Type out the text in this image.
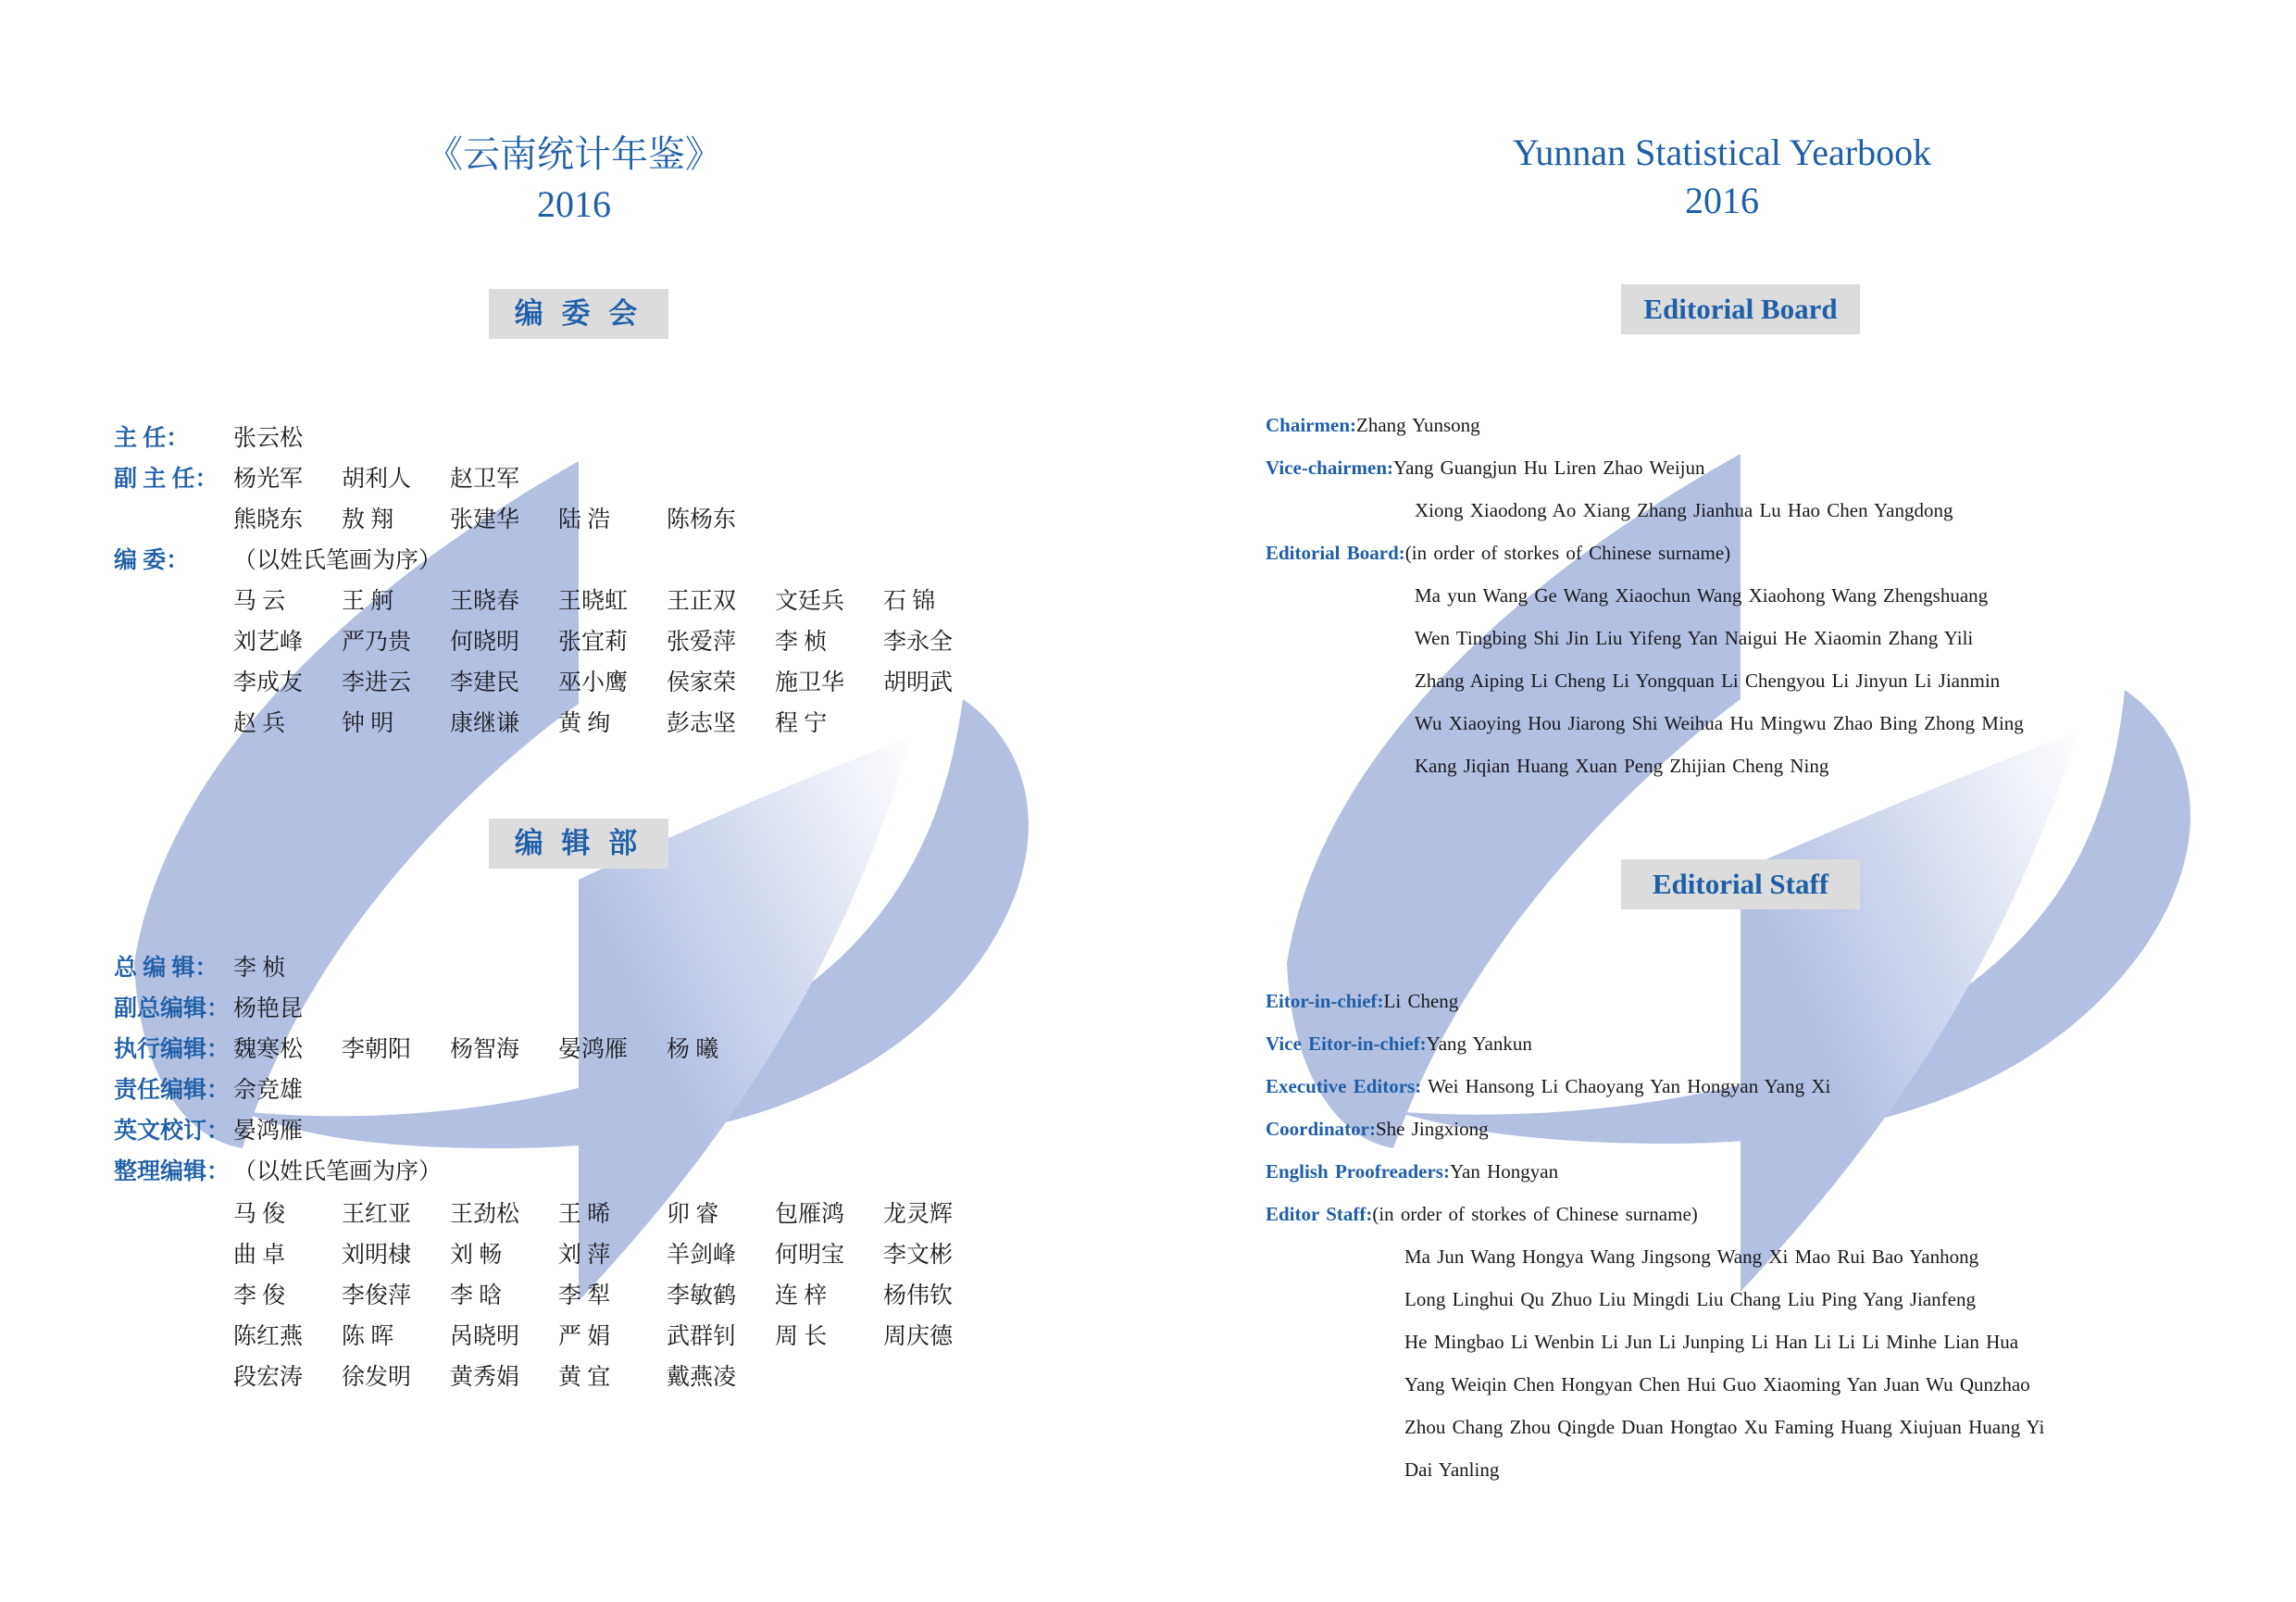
《云南统计年鉴》
2016
编 委 会
主 任： 张云松
副 主 任： 杨光军	胡利人	赵卫军
熊晓东	敖 翔	张建华	陆 浩	陈杨东
编 委： （以姓氏笔画为序）
马 云	王 舸	王晓春	王晓虹	王正双	文廷兵	石 锦
刘艺峰	严乃贵	何晓明	张宜莉	张爱萍	李 桢	李永全
李成友	李进云	李建民	巫小鹰	侯家荣	施卫华	胡明武
赵 兵	钟 明	康继谦	黄 绚	彭志坚	程 宁
编 辑 部
总 编 辑： 李 桢
副总编辑： 杨艳昆
执行编辑： 魏寒松	李朝阳	杨智海	晏鸿雁	杨 曦
责任编辑： 佘竞雄
英文校订： 晏鸿雁
整理编辑： （以姓氏笔画为序）
马 俊	王红亚	王劲松	王 晞	卯 睿	包雁鸿	龙灵辉
曲 卓	刘明棣	刘 畅	刘 萍	羊剑峰	何明宝	李文彬
李 俊	李俊萍	李 晗	李 犁	李敏鹤	连 梓	杨伟钦
陈红燕	陈 晖	呙晓明	严 娟	武群钊	周 长	周庆德
段宏涛	徐发明	黄秀娟	黄 宜	戴燕凌
Yunnan Statistical Yearbook
2016
Editorial Board
Chairmen:Zhang Yunsong
Vice-chairmen:Yang Guangjun Hu Liren Zhao Weijun
Xiong Xiaodong Ao Xiang Zhang Jianhua Lu Hao Chen Yangdong
Editorial Board:(in order of storkes of Chinese surname)
Ma yun Wang Ge Wang Xiaochun Wang Xiaohong Wang Zhengshuang
Wen Tingbing Shi Jin Liu Yifeng Yan Naigui He Xiaomin Zhang Yili
Zhang Aiping Li Cheng Li Yongquan Li Chengyou Li Jinyun Li Jianmin
Wu Xiaoying Hou Jiarong Shi Weihua Hu Mingwu Zhao Bing Zhong Ming
Kang Jiqian Huang Xuan Peng Zhijian Cheng Ning
Editorial Staff
Eitor-in-chief:Li Cheng
Vice Eitor-in-chief:Yang Yankun
Executive Editors: Wei Hansong Li Chaoyang Yan Hongyan Yang Xi
Coordinator:She Jingxiong
English Proofreaders:Yan Hongyan
Editor Staff:(in order of storkes of Chinese surname)
Ma Jun Wang Hongya Wang Jingsong Wang Xi Mao Rui Bao Yanhong
Long Linghui Qu Zhuo Liu Mingdi Liu Chang Liu Ping Yang Jianfeng
He Mingbao Li Wenbin Li Jun Li Junping Li Han Li Li Li Minhe Lian Hua
Yang Weiqin Chen Hongyan Chen Hui Guo Xiaoming Yan Juan Wu Qunzhao
Zhou Chang Zhou Qingde Duan Hongtao Xu Faming Huang Xiujuan Huang Yi
Dai Yanling
